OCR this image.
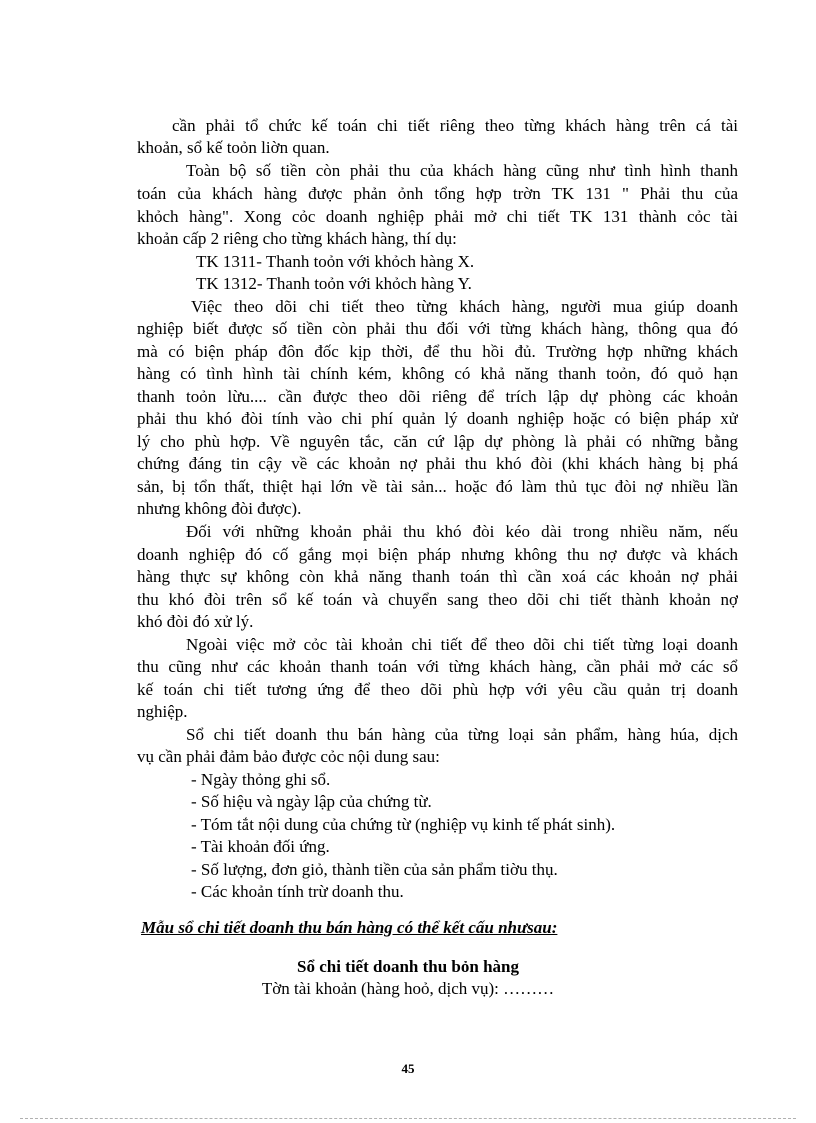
cần phải tổ chức kế toán chi tiết riêng theo từng khách hàng trên cá tài
khoản, sổ kế toỏn liờn quan.
Toàn bộ số tiền còn phải thu của khách hàng cũng như tình hình thanh
toán của khách hàng được phản ỏnh tổng hợp trờn TK 131 " Phải thu của
khỏch hàng". Xong cỏc doanh nghiệp phải mở chi tiết TK 131 thành cỏc tài
khoản cấp 2 riêng cho từng khách hàng, thí dụ:
TK 1311- Thanh toỏn với khỏch hàng X.
TK 1312- Thanh toỏn với khỏch hàng Y.
Việc theo dõi chi tiết theo từng khách hàng, người mua giúp doanh
nghiệp biết được số tiền còn phải thu đối với từng khách hàng, thông qua đó
mà có biện pháp đôn đốc kịp thời, để thu hồi đủ. Trường hợp những khách
hàng có tình hình tài chính kém, không có khả năng thanh toỏn, đó quỏ hạn
thanh toỏn lừu.... cần được theo dõi riêng để trích lập dự phòng các khoản
phải thu khó đòi tính vào chi phí quản lý doanh nghiệp hoặc có biện pháp xử
lý cho phù hợp. Về nguyên tắc, căn cứ lập dự phòng là phải có những bằng
chứng đáng tin cậy về các khoản nợ phải thu khó đòi (khi khách hàng bị phá
sản, bị tổn thất, thiệt hại lớn về tài sản... hoặc đó làm thủ tục đòi nợ nhiều lần
nhưng không đòi được).
Đối với những khoản phải thu khó đòi kéo dài trong nhiều năm, nếu
doanh nghiệp đó cố gắng mọi biện pháp nhưng không thu nợ được và khách
hàng thực sự không còn khả năng thanh toán thì cần xoá các khoản nợ phải
thu khó đòi trên sổ kế toán và chuyển sang theo dõi chi tiết thành khoản nợ
khó đòi đó xử lý.
Ngoài việc mở cỏc tài khoản chi tiết để theo dõi chi tiết từng loại doanh
thu cũng như các khoản thanh toán với từng khách hàng, cần phải mở các sổ
kế toán chi tiết tương ứng để theo dõi phù hợp với yêu cầu quản trị doanh
nghiệp.
Sổ chi tiết doanh thu bán hàng của từng loại sản phẩm, hàng húa, dịch
vụ cần phải đảm bảo được cỏc nội dung sau:
- Ngày thỏng ghi sổ.
- Số hiệu và ngày lập của chứng từ.
- Tóm tắt nội dung của chứng từ (nghiệp vụ kinh tế phát sinh).
- Tài khoản đối ứng.
- Số lượng, đơn giỏ, thành tiền của sản phẩm tiờu thụ.
- Các khoản tính trừ doanh thu.
Mẫu sổ chi tiết doanh thu bán hàng có thể kết cấu nhưsau:
Sổ chi tiết doanh thu bỏn hàng
Tờn tài khoản (hàng hoỏ, dịch vụ): ………
45
